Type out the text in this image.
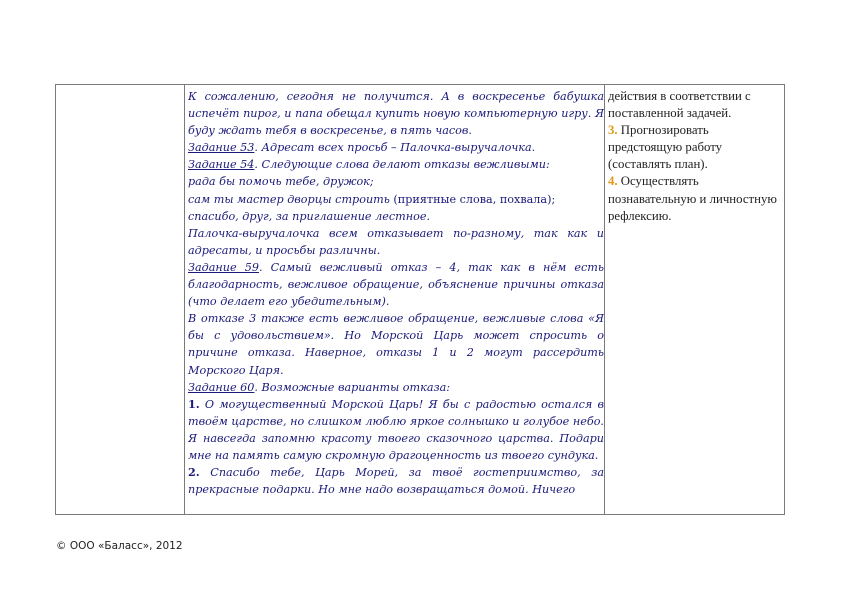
К сожалению, сегодня не получится. А в воскресенье бабушка испечёт пирог, и папа обещал купить новую компьютерную игру. Я буду ждать тебя в воскресенье, в пять часов.

Задание 53. Адресат всех просьб – Палочка-выручалочка.

Задание 54. Следующие слова делают отказы вежливыми:

рада бы помочь тебе, дружок;

сам ты мастер дворцы строить (приятные слова, похвала);

спасибо, друг, за приглашение лестное.

Палочка-выручалочка всем отказывает по-разному, так как и адресаты, и просьбы различны.

Задание 59. Самый вежливый отказ – 4, так как в нём есть благодарность, вежливое обращение, объяснение причины отказа (что делает его убедительным).

В отказе 3 также есть вежливое обращение, вежливые слова «Я бы с удовольствием». Но Морской Царь может спросить о причине отказа. Наверное, отказы 1 и 2 могут рассердить Морского Царя.

Задание 60. Возможные варианты отказа:

1. О могущественный Морской Царь! Я бы с радостью остался в твоём царстве, но слишком люблю яркое солнышко и голубое небо. Я навсегда запомню красоту твоего сказочного царства. Подари мне на память самую скромную драгоценность из твоего сундука.

2. Спасибо тебе, Царь Морей, за твоё гостеприимство, за прекрасные подарки. Но мне надо возвращаться домой. Ничего

действия в соответствии с поставленной задачей.

3. Прогнозировать предстоящую работу (составлять план).

4. Осуществлять познавательную и личностную рефлексию.

© ООО «Баласс», 2012
